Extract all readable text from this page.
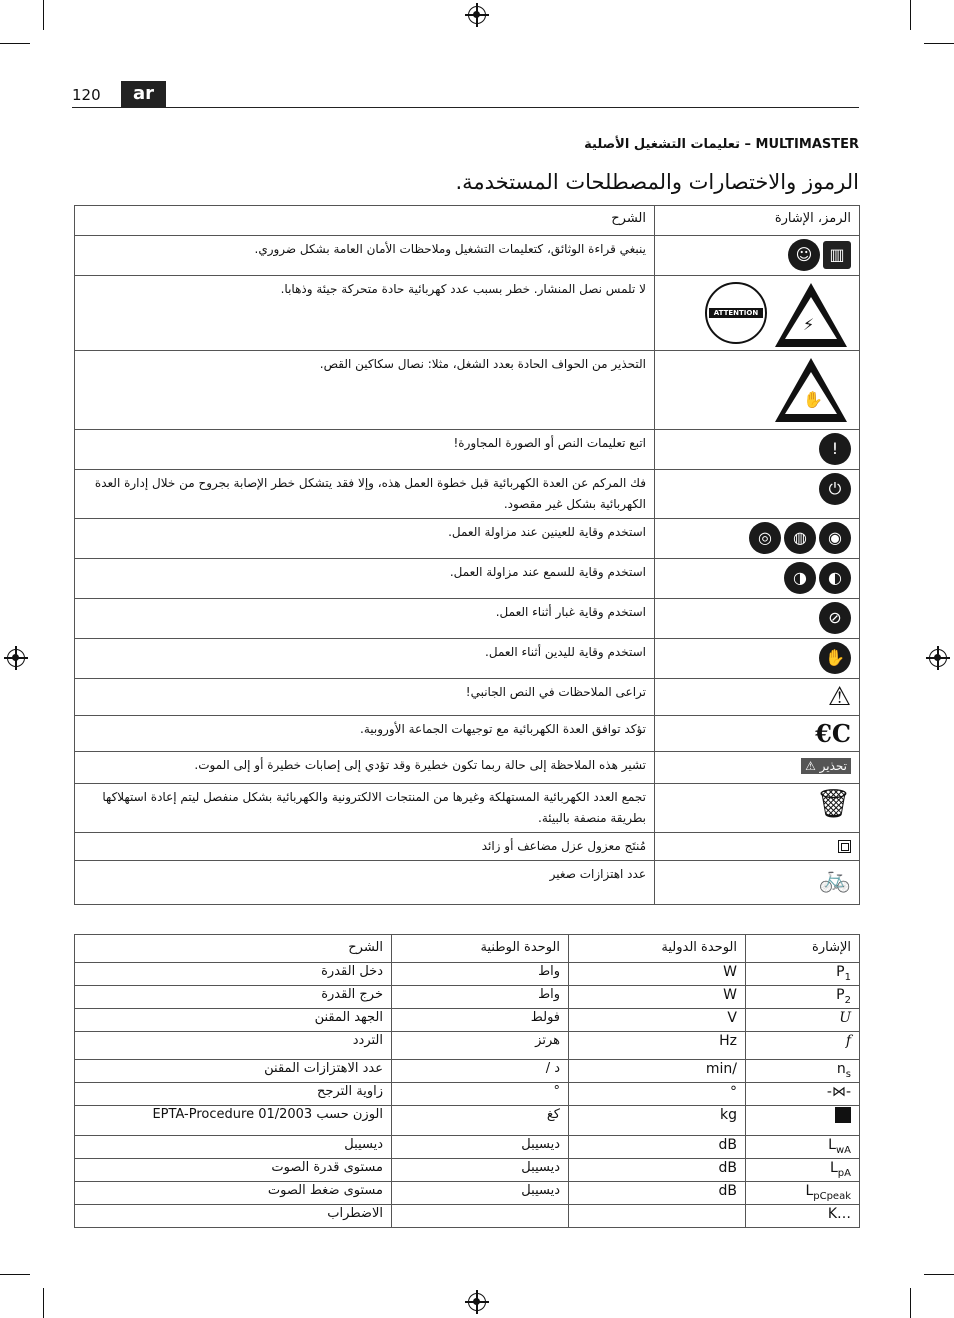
120	ar
MULTIMASTER – تعليمات التشغيل الأصلية
الرموز والاختصارات والمصطلحات المستخدمة.
الشرح	الرمز، الإشارة
ينبغي قراءة الوثائق، كتعليمات التشغيل وملاحظات الأمان العامة بشكل ضروري.	▥☺
لا تلمس نصل المنشار. خطر بسبب عدد كهربائية حادة متحركة جيئة وذهابا.	⚡
ATTENTION

التحذير من الحواف الحادة بعدد الشغل، مثلا: نصال سكاكين القص.	✋

اتبع تعليمات النص أو الصورة المجاورة!	!
فك المركم عن العدة الكهربائية قبل خطوة العمل هذه، وإلا فقد يتشكل خطر الإصابة بجروح من خلال إدارة العدة الكهربائية بشكل غير مقصود.	⏻
استخدم وقاية للعينين عند مزاولة العمل.	◉◍◎
استخدم وقاية للسمع عند مزاولة العمل.	◐◑
استخدم وقاية غبار أثناء العمل.	⊘
استخدم وقاية لليدين أثناء العمل.	✋
تراعى الملاحظات في النص الجانبي!	⚠
تؤكد توافق العدة الكهربائية مع توجيهات الجماعة الأوروبية.	C€
تشير هذه الملاحظة إلى حالة ربما تكون خطيرة وقد تؤدي إلى إصابات خطيرة أو إلى الموت.	تحذير ⚠
تجمع العدد الكهربائية المستهلكة وغيرها من المنتجات الالكترونية والكهربائية بشكل منفصل ليتم إعادة استهلاكها بطريقة منصفة بالبيئة.	🗑
مُنتَج معزول عزل مضاعف أو زائد	

عدد اهتزازات صغير	🚲
الشرح	الوحدة الوطنية	الوحدة الدولية	الإشارة
دخل القدرة	واط	W	$P_1$
خرج القدرة	واط	W	$P_2$
الجهد المقنن	فولط	V	U
التردد	هرتز	Hz	f
عدد الاهتزازات المقنن	د /	min/	$n_s$
زاوية الترجح	°	°	-⋈-
الوزن حسب EPTA-Procedure 01/2003	كغ	kg	
ديسيبل	ديسيبل	dB	$L_{wA}$
مستوى قدرة الصوت	ديسيبل	dB	$L_{pA}$
مستوى ضغط الصوت	ديسيبل	dB	$L_{pCpeak}$
الاضطراب			K…
